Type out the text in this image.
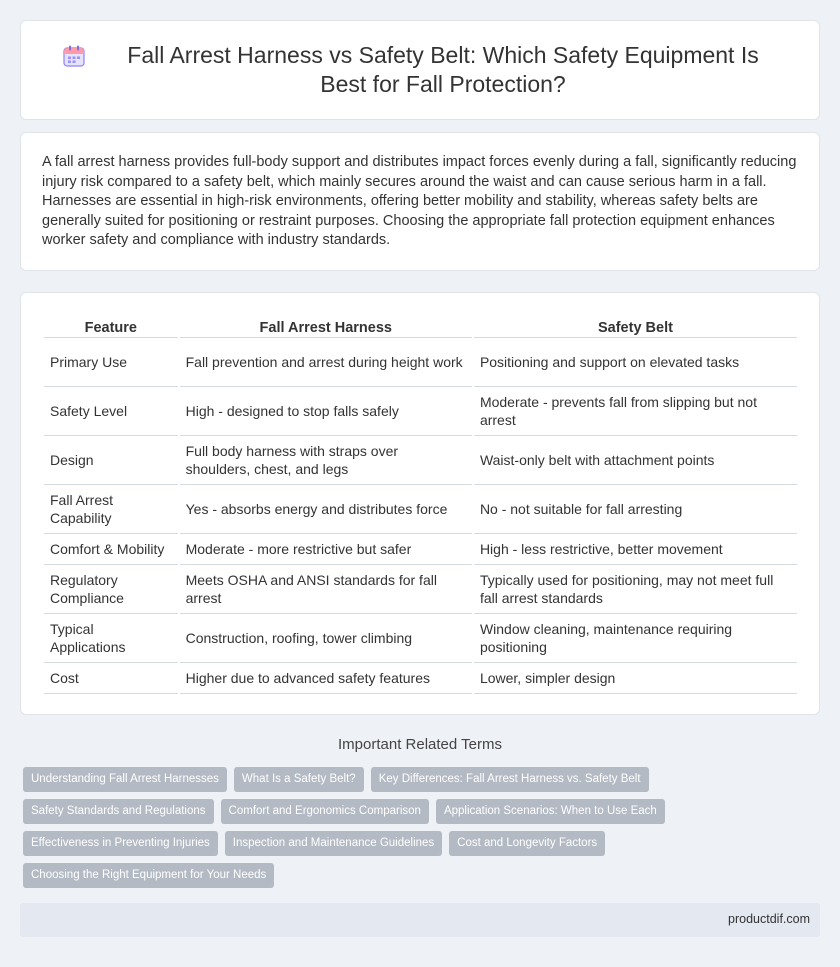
Fall Arrest Harness vs Safety Belt: Which Safety Equipment Is Best for Fall Protection?

A fall arrest harness provides full-body support and distributes impact forces evenly during a fall, significantly reducing injury risk compared to a safety belt, which mainly secures around the waist and can cause serious harm in a fall. Harnesses are essential in high-risk environments, offering better mobility and stability, whereas safety belts are generally suited for positioning or restraint purposes. Choosing the appropriate fall protection equipment enhances worker safety and compliance with industry standards.

Feature	Fall Arrest Harness	Safety Belt
Primary Use	Fall prevention and arrest during height work	Positioning and support on elevated tasks
Safety Level	High - designed to stop falls safely	Moderate - prevents fall from slipping but not arrest
Design	Full body harness with straps over shoulders, chest, and legs	Waist-only belt with attachment points
Fall Arrest Capability	Yes - absorbs energy and distributes force	No - not suitable for fall arresting
Comfort & Mobility	Moderate - more restrictive but safer	High - less restrictive, better movement
Regulatory Compliance	Meets OSHA and ANSI standards for fall arrest	Typically used for positioning, may not meet full fall arrest standards
Typical Applications	Construction, roofing, tower climbing	Window cleaning, maintenance requiring positioning
Cost	Higher due to advanced safety features	Lower, simpler design
Important Related Terms
Understanding Fall Arrest Harnesses	What Is a Safety Belt?	Key Differences: Fall Arrest Harness vs. Safety Belt
Safety Standards and Regulations	Comfort and Ergonomics Comparison	Application Scenarios: When to Use Each
Effectiveness in Preventing Injuries	Inspection and Maintenance Guidelines	Cost and Longevity Factors
Choosing the Right Equipment for Your Needs
productdif.com
